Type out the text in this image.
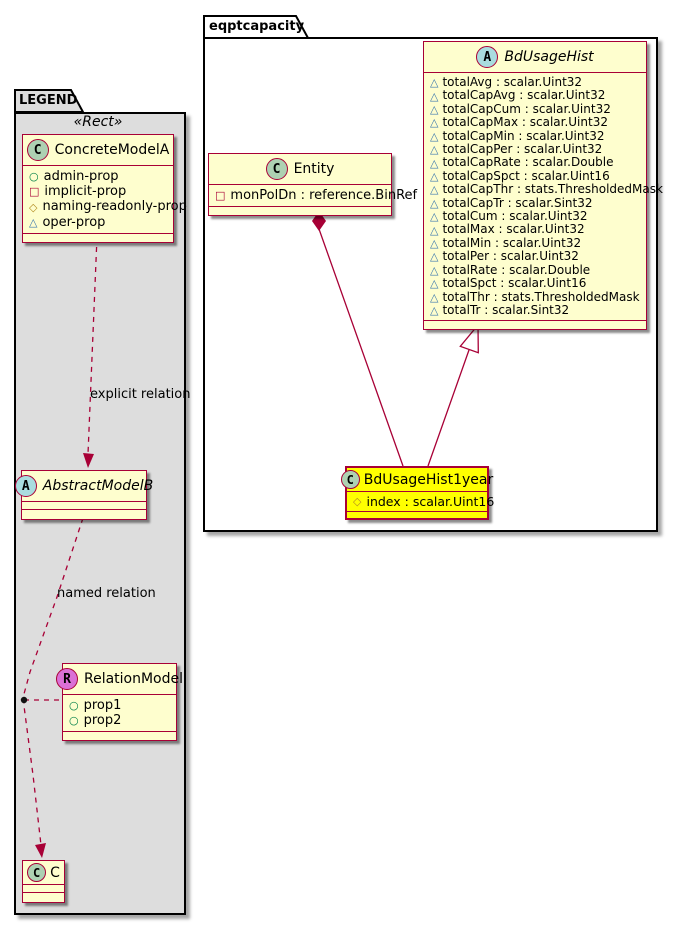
LEGEND
«Rect»
C ConcreteModelA
○
admin-prop
□
implicit-prop
◇
naming-readonly-prop
△
oper-prop
explicit relation
A AbstractModelB
named relation
R RelationModel
○
prop1
○
prop2
C C
eqptcapacity
A BdUsageHist
△
totalAvg : scalar.Uint32
△
totalCapAvg : scalar.Uint32
△
totalCapCum : scalar.Uint32
△
totalCapMax : scalar.Uint32
△
totalCapMin : scalar.Uint32
△
totalCapPer : scalar.Uint32
△
totalCapRate : scalar.Double
△
totalCapSpct : scalar.Uint16
△
totalCapThr : stats.ThresholdedMask
△
totalCapTr : scalar.Sint32
△
totalCum : scalar.Uint32
△
totalMax : scalar.Uint32
△
totalMin : scalar.Uint32
△
totalPer : scalar.Uint32
△
totalRate : scalar.Double
△
totalSpct : scalar.Uint16
△
totalThr : stats.ThresholdedMask
△
totalTr : scalar.Sint32
C Entity
□
monPolDn : reference.BinRef
C BdUsageHist1year
◇
index : scalar.Uint16
